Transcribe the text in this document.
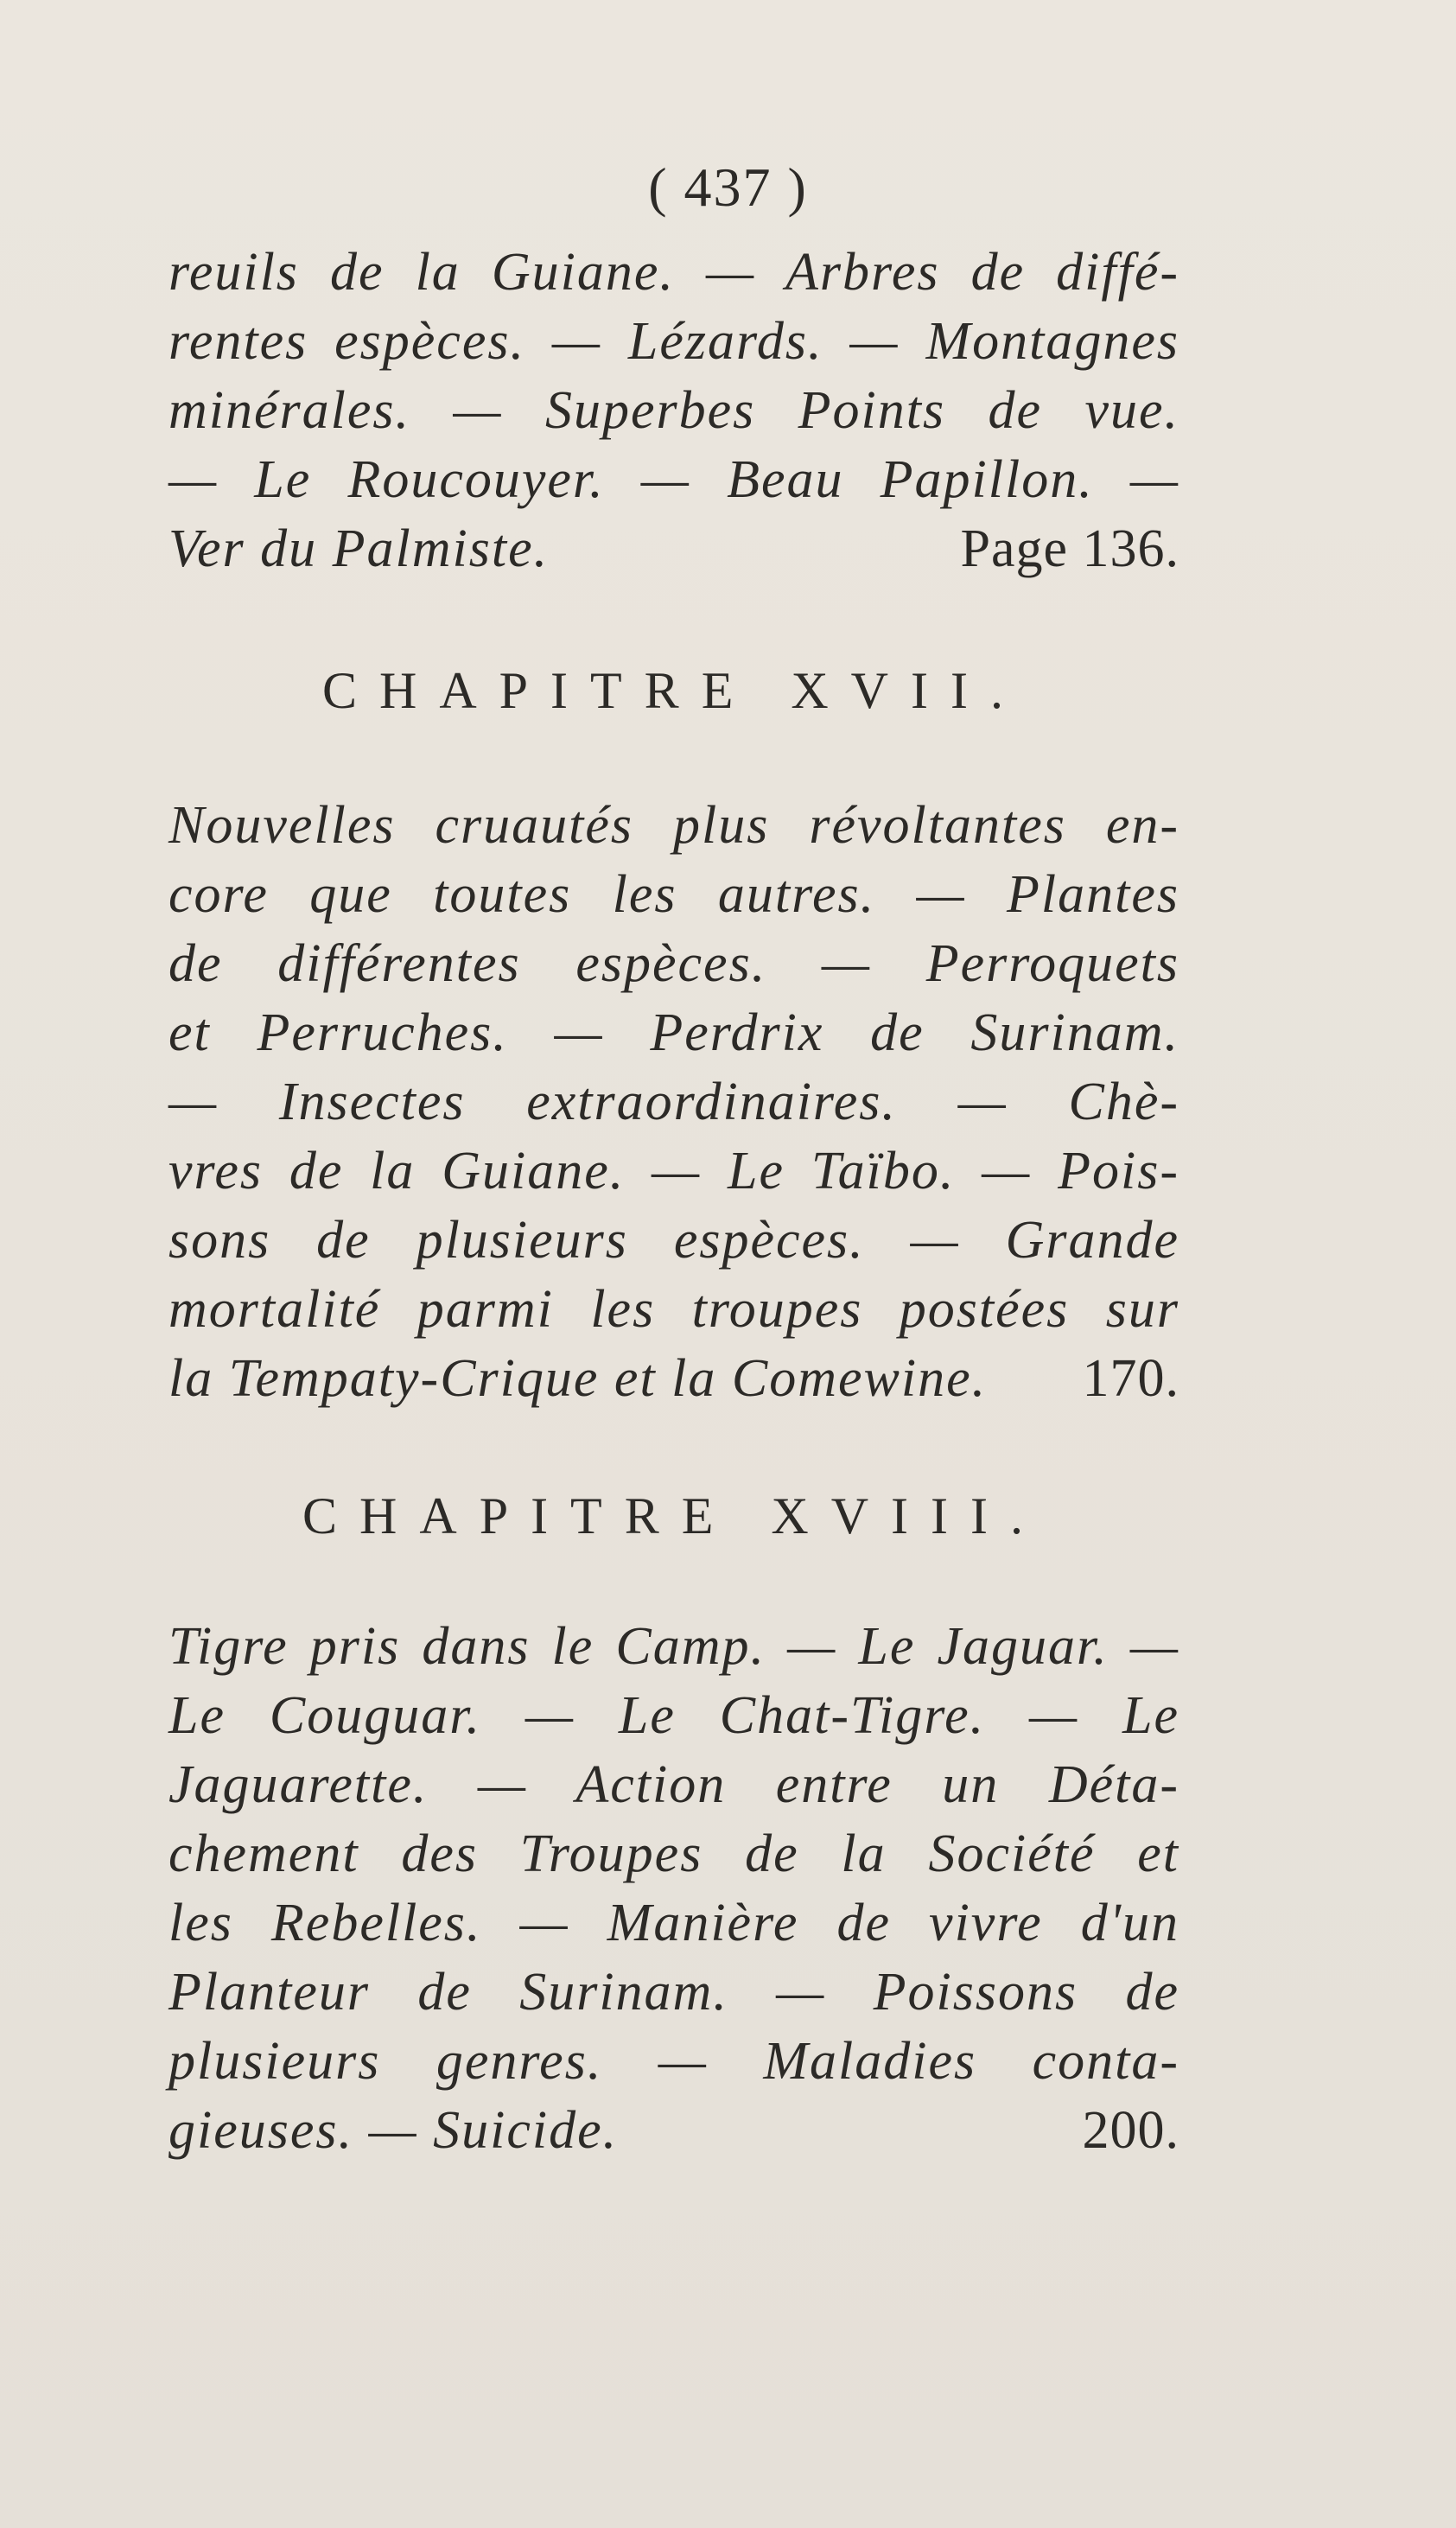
( 437 )
reuils de la Guiane. — Arbres de diffé-
rentes espèces. — Lézards. — Montagnes
minérales. — Superbes Points de vue.
— Le Roucouyer. — Beau Papillon. —
Ver du Palmiste.	Page 136.
CHAPITRE XVII.
Nouvelles cruautés plus révoltantes en-
core que toutes les autres. — Plantes
de différentes espèces. — Perroquets
et Perruches. — Perdrix de Surinam.
— Insectes extraordinaires. — Chè-
vres de la Guiane. — Le Taïbo. — Pois-
sons de plusieurs espèces. — Grande
mortalité parmi les troupes postées sur
la Tempaty-Crique et la Comewine. 170.
CHAPITRE XVIII.
Tigre pris dans le Camp. — Le Jaguar. —
Le Couguar. — Le Chat-Tigre. — Le
Jaguarette. — Action entre un Déta-
chement des Troupes de la Société et
les Rebelles. — Manière de vivre d'un
Planteur de Surinam. — Poissons de
plusieurs genres. — Maladies conta-
gieuses. — Suicide.	200.
